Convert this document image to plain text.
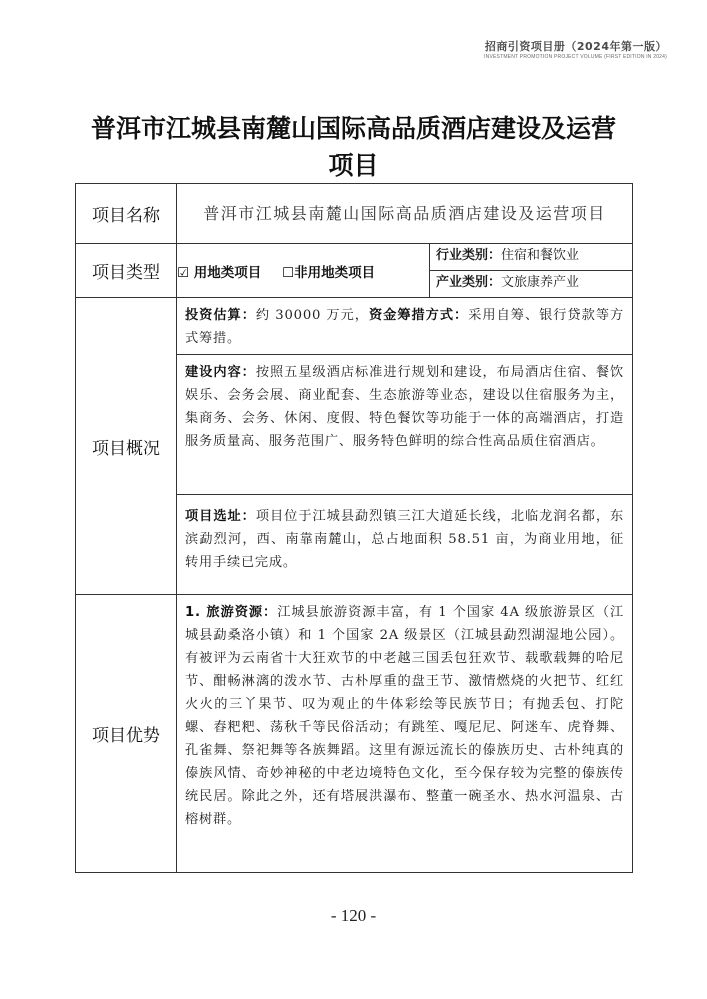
招商引资项目册（2024年第一版）
INVESTMENT PROMOTION PROJECT VOLUME (FIRST EDITION IN 2024)
普洱市江城县南麓山国际高品质酒店建设及运营
项目
项目名称	普洱市江城县南麓山国际高品质酒店建设及运营项目	
项目类型	☑ 用地类项目 ☐非用地类项目	行业类别：住宿和餐饮业
产业类别：文旅康养产业

项目概况	投资估算：约 30000 万元，资金筹措方式：采用自筹、银行贷款等方式筹措。
建设内容：按照五星级酒店标准进行规划和建设，布局酒店住宿、餐饮娱乐、会务会展、商业配套、生态旅游等业态，建设以住宿服务为主，集商务、会务、休闲、度假、特色餐饮等功能于一体的高端酒店，打造服务质量高、服务范围广、服务特色鲜明的综合性高品质住宿酒店。
项目选址：项目位于江城县勐烈镇三江大道延长线，北临龙润名都，东滨勐烈河，西、南靠南麓山，总占地面积 58.51 亩，为商业用地，征转用手续已完成。	

项目优势	1. 旅游资源：江城县旅游资源丰富，有 1 个国家 4A 级旅游景区（江城县勐桑洛小镇）和 1 个国家 2A 级景区（江城县勐烈湖湿地公园）。有被评为云南省十大狂欢节的中老越三国丢包狂欢节、载歌载舞的哈尼节、酣畅淋漓的泼水节、古朴厚重的盘王节、激情燃烧的火把节、红红火火的三丫果节、叹为观止的牛体彩绘等民族节日；有抛丢包、打陀螺、舂粑粑、荡秋千等民俗活动；有跳笙、嘎尼尼、阿迷车、虎脊舞、孔雀舞、祭祀舞等各族舞蹈。这里有源远流长的傣族历史、古朴纯真的傣族风情、奇妙神秘的中老边境特色文化，至今保存较为完整的傣族传统民居。除此之外，还有塔展洪瀑布、整董一碗圣水、热水河温泉、古榕树群。	
- 120 -
